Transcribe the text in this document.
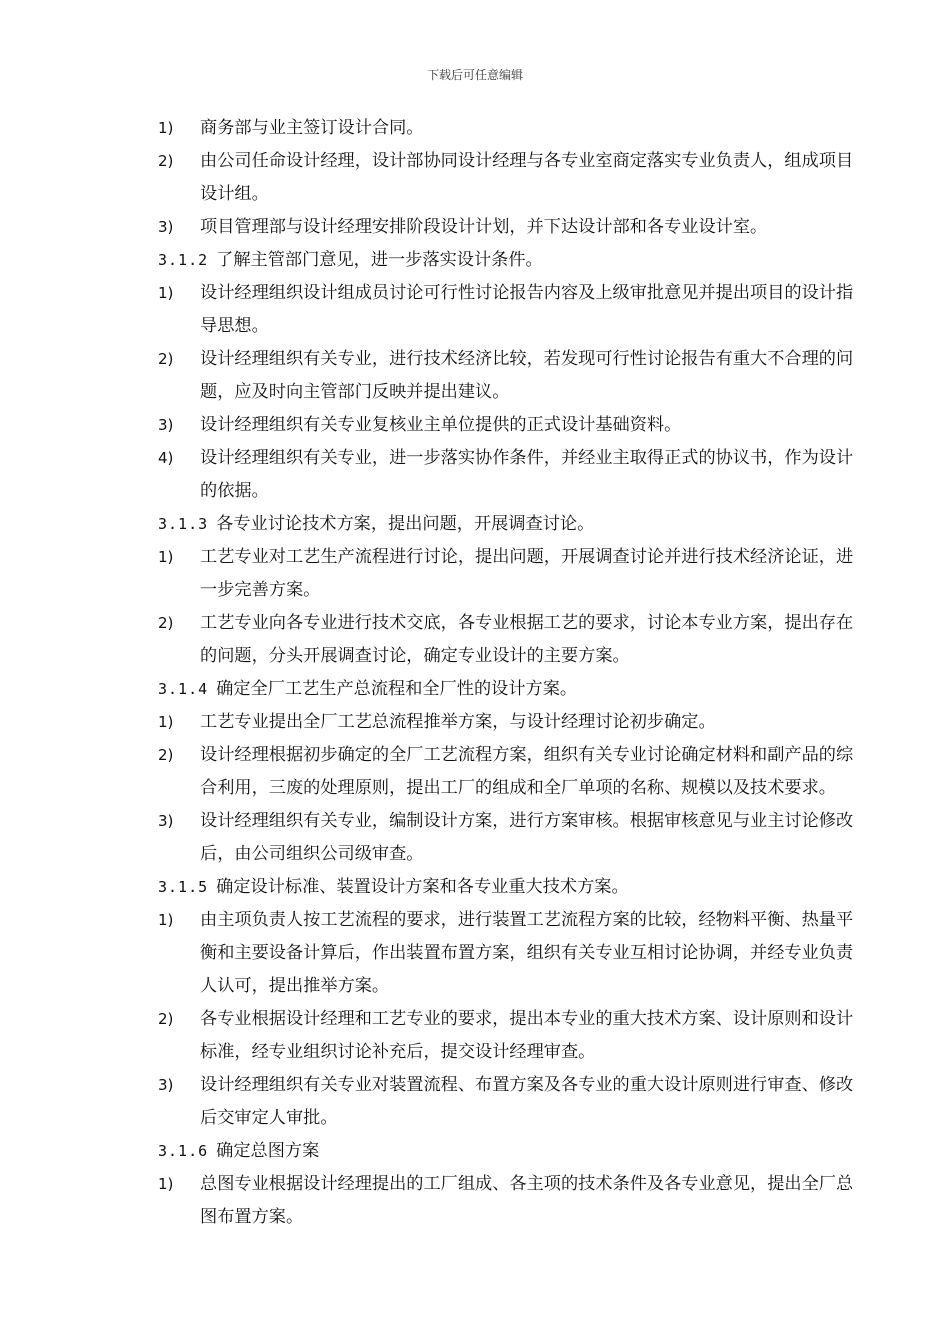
下载后可任意编辑
1)	商务部与业主签订设计合同。
2)	由公司任命设计经理，设计部协同设计经理与各专业室商定落实专业负责人，组成项目设计组。
3)	项目管理部与设计经理安排阶段设计计划，并下达设计部和各专业设计室。
3.1.2 了解主管部门意见，进一步落实设计条件。
1)	设计经理组织设计组成员讨论可行性讨论报告内容及上级审批意见并提出项目的设计指导思想。
2)	设计经理组织有关专业，进行技术经济比较，若发现可行性讨论报告有重大不合理的问题，应及时向主管部门反映并提出建议。
3)	设计经理组织有关专业复核业主单位提供的正式设计基础资料。
4)	设计经理组织有关专业，进一步落实协作条件，并经业主取得正式的协议书，作为设计的依据。
3.1.3 各专业讨论技术方案，提出问题，开展调查讨论。
1)	工艺专业对工艺生产流程进行讨论，提出问题，开展调查讨论并进行技术经济论证，进一步完善方案。
2)	工艺专业向各专业进行技术交底，各专业根据工艺的要求，讨论本专业方案，提出存在的问题，分头开展调查讨论，确定专业设计的主要方案。
3.1.4 确定全厂工艺生产总流程和全厂性的设计方案。
1)	工艺专业提出全厂工艺总流程推举方案，与设计经理讨论初步确定。
2)	设计经理根据初步确定的全厂工艺流程方案，组织有关专业讨论确定材料和副产品的综合利用，三废的处理原则，提出工厂的组成和全厂单项的名称、规模以及技术要求。
3)	设计经理组织有关专业，编制设计方案，进行方案审核。根据审核意见与业主讨论修改后，由公司组织公司级审查。
3.1.5 确定设计标准、装置设计方案和各专业重大技术方案。
1)	由主项负责人按工艺流程的要求，进行装置工艺流程方案的比较，经物料平衡、热量平衡和主要设备计算后，作出装置布置方案，组织有关专业互相讨论协调，并经专业负责人认可，提出推举方案。
2)	各专业根据设计经理和工艺专业的要求，提出本专业的重大技术方案、设计原则和设计标准，经专业组织讨论补充后，提交设计经理审查。
3)	设计经理组织有关专业对装置流程、布置方案及各专业的重大设计原则进行审查、修改后交审定人审批。
3.1.6 确定总图方案
1)	总图专业根据设计经理提出的工厂组成、各主项的技术条件及各专业意见，提出全厂总图布置方案。
